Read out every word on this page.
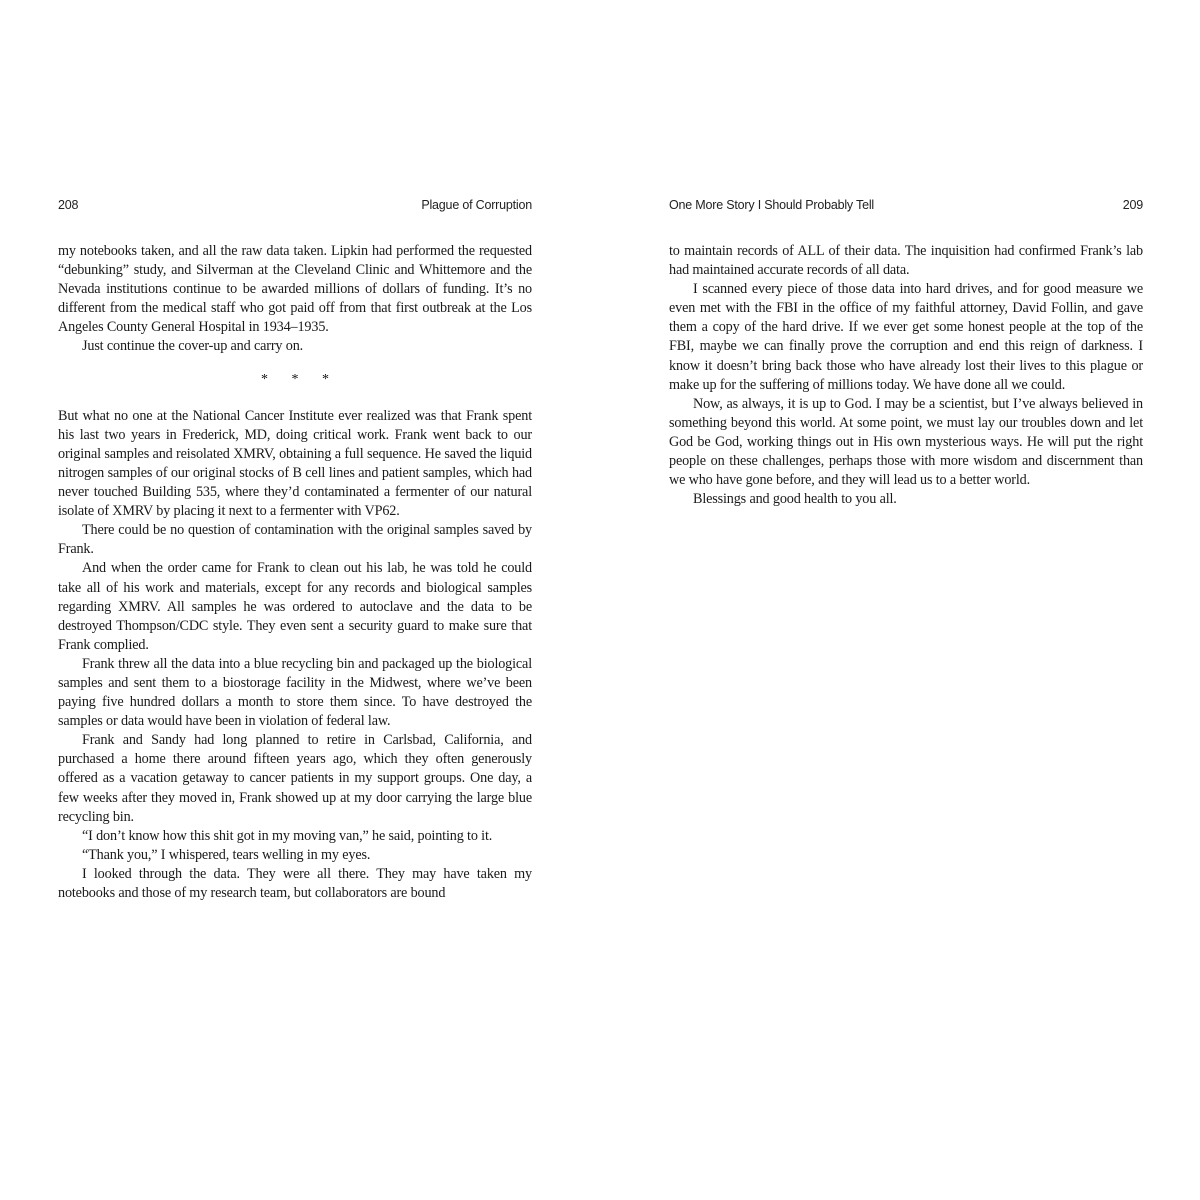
208	Plague of Corruption

my notebooks taken, and all the raw data taken. Lipkin had performed the requested “debunking” study, and Silverman at the Cleveland Clinic and Whittemore and the Nevada institutions continue to be awarded millions of dollars of funding. It’s no different from the medical staff who got paid off from that first outbreak at the Los Angeles County General Hospital in 1934–1935.

Just continue the cover-up and carry on.

* * *

But what no one at the National Cancer Institute ever realized was that Frank spent his last two years in Frederick, MD, doing critical work. Frank went back to our original samples and reisolated XMRV, obtaining a full sequence. He saved the liquid nitrogen samples of our original stocks of B cell lines and patient samples, which had never touched Building 535, where they’d contaminated a fermenter of our natural isolate of XMRV by placing it next to a fermenter with VP62.

There could be no question of contamination with the original samples saved by Frank.

And when the order came for Frank to clean out his lab, he was told he could take all of his work and materials, except for any records and biological samples regarding XMRV. All samples he was ordered to autoclave and the data to be destroyed Thompson/CDC style. They even sent a security guard to make sure that Frank complied.

Frank threw all the data into a blue recycling bin and packaged up the biological samples and sent them to a biostorage facility in the Midwest, where we’ve been paying five hundred dollars a month to store them since. To have destroyed the samples or data would have been in violation of federal law.

Frank and Sandy had long planned to retire in Carlsbad, California, and purchased a home there around fifteen years ago, which they often generously offered as a vacation getaway to cancer patients in my support groups. One day, a few weeks after they moved in, Frank showed up at my door carrying the large blue recycling bin.

“I don’t know how this shit got in my moving van,” he said, pointing to it.

“Thank you,” I whispered, tears welling in my eyes.

I looked through the data. They were all there. They may have taken my notebooks and those of my research team, but collaborators are bound

One More Story I Should Probably Tell	209

to maintain records of ALL of their data. The inquisition had confirmed Frank’s lab had maintained accurate records of all data.

I scanned every piece of those data into hard drives, and for good measure we even met with the FBI in the office of my faithful attorney, David Follin, and gave them a copy of the hard drive. If we ever get some honest people at the top of the FBI, maybe we can finally prove the corruption and end this reign of darkness. I know it doesn’t bring back those who have already lost their lives to this plague or make up for the suffering of millions today. We have done all we could.

Now, as always, it is up to God. I may be a scientist, but I’ve always believed in something beyond this world. At some point, we must lay our troubles down and let God be God, working things out in His own mysterious ways. He will put the right people on these challenges, perhaps those with more wisdom and discernment than we who have gone before, and they will lead us to a better world.

Blessings and good health to you all.
